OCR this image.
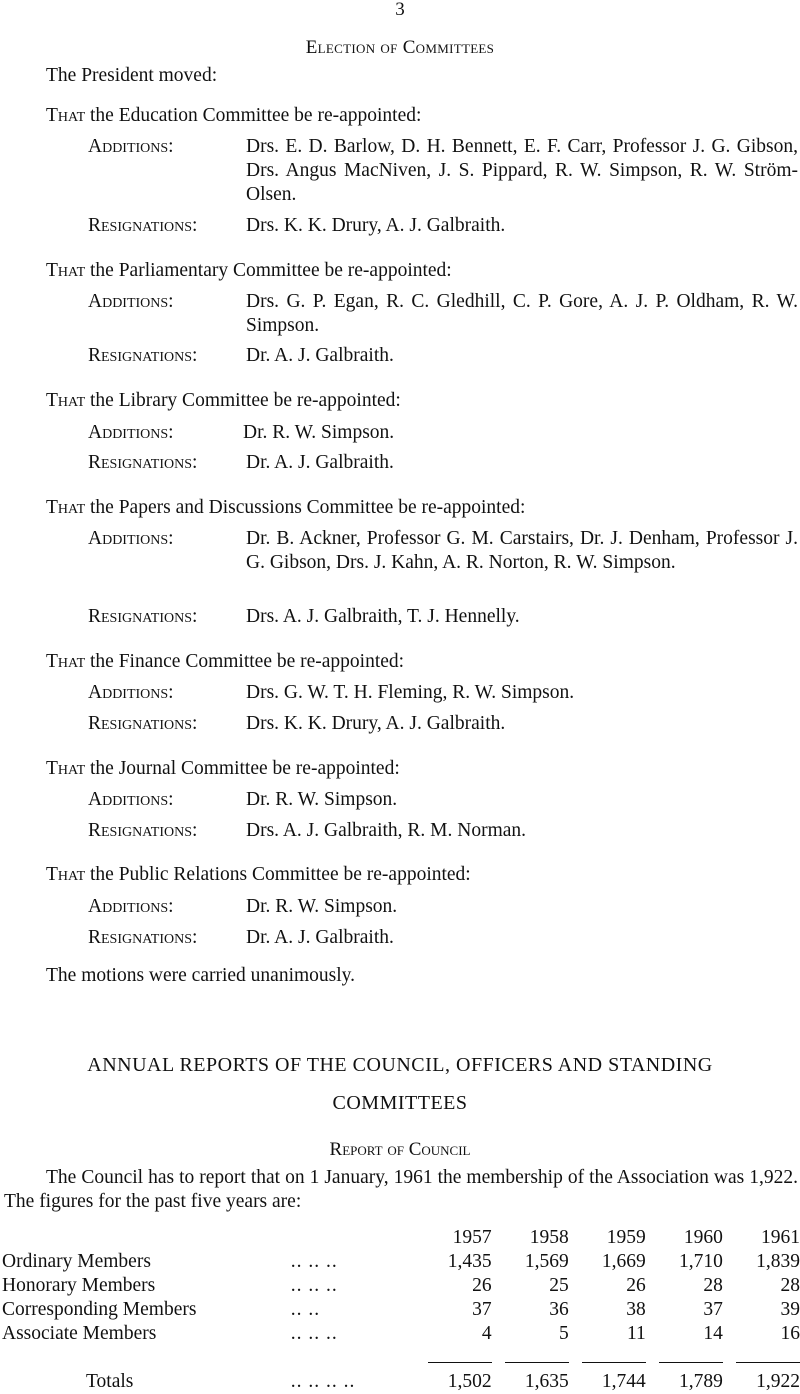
3
Election of Committees
The President moved:
That the Education Committee be re-appointed:
Additions:	Drs. E. D. Barlow, D. H. Bennett, E. F. Carr, Professor J. G. Gibson, Drs. Angus MacNiven, J. S. Pippard, R. W. Simpson, R. W. Ström-Olsen.
Resignations: Drs. K. K. Drury, A. J. Galbraith.
That the Parliamentary Committee be re-appointed:
Additions:	Drs. G. P. Egan, R. C. Gledhill, C. P. Gore, A. J. P. Oldham, R. W. Simpson.
Resignations: Dr. A. J. Galbraith.
That the Library Committee be re-appointed:
Additions:	Dr. R. W. Simpson.
Resignations: Dr. A. J. Galbraith.
That the Papers and Discussions Committee be re-appointed:
Additions:	Dr. B. Ackner, Professor G. M. Carstairs, Dr. J. Denham, Professor J. G. Gibson, Drs. J. Kahn, A. R. Norton, R. W. Simpson.
Resignations: Drs. A. J. Galbraith, T. J. Hennelly.
That the Finance Committee be re-appointed:
Additions:	Drs. G. W. T. H. Fleming, R. W. Simpson.
Resignations: Drs. K. K. Drury, A. J. Galbraith.
That the Journal Committee be re-appointed:
Additions:	Dr. R. W. Simpson.
Resignations: Drs. A. J. Galbraith, R. M. Norman.
That the Public Relations Committee be re-appointed:
Additions:	Dr. R. W. Simpson.
Resignations: Dr. A. J. Galbraith.
The motions were carried unanimously.
ANNUAL REPORTS OF THE COUNCIL, OFFICERS AND STANDING
COMMITTEES
Report of Council
The Council has to report that on 1 January, 1961 the membership of the Association was 1,922. The figures for the past five years are:
		1957	1958	1959	1960	1961
Ordinary Members	.. .. ..	1,435	1,569	1,669	1,710	1,839
Honorary Members	.. .. ..	26	25	26	28	28
Corresponding Members	.. ..	37	36	38	37	39
Associate Members	.. .. ..	4	5	11	14	16

Totals	.. .. .. ..	1,502	1,635	1,744	1,789	1,922
